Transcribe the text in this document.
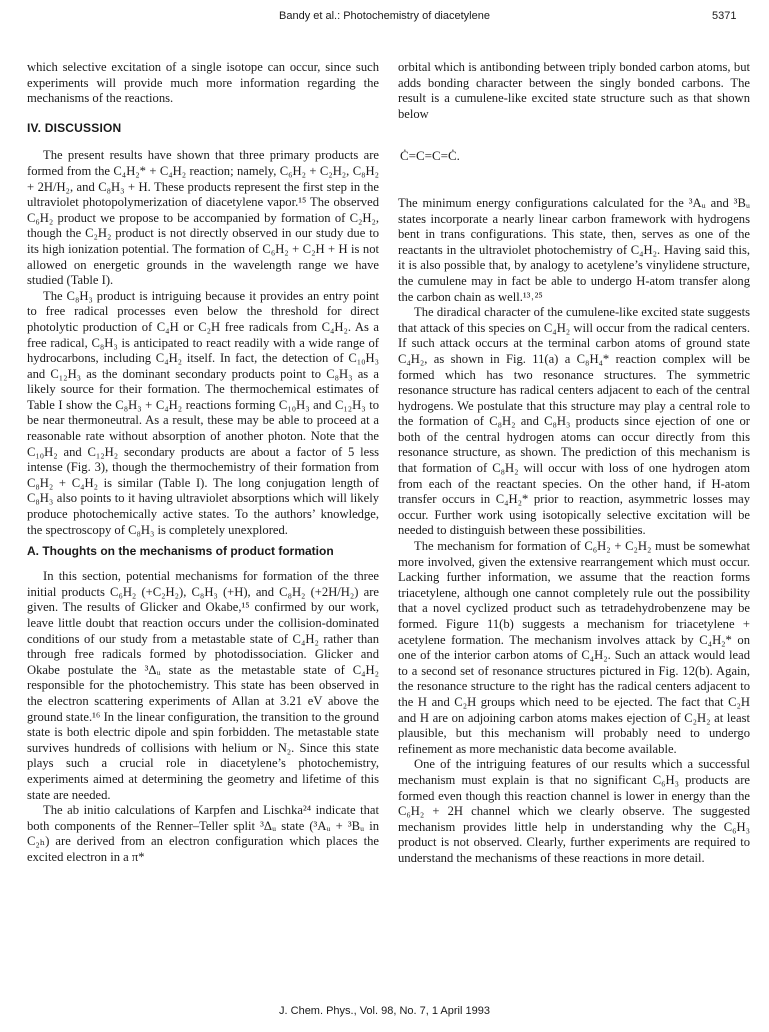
Bandy et al.: Photochemistry of diacetylene	5371

which selective excitation of a single isotope can occur, since such experiments will provide much more information regarding the mechanisms of the reactions.

IV. DISCUSSION

The present results have shown that three primary products are formed from the C₄H₂* + C₄H₂ reaction; namely, C₆H₂ + C₂H₂, C₈H₂ + 2H/H₂, and C₈H₃ + H. These products represent the first step in the ultraviolet photopolymerization of diacetylene vapor.¹⁵ The observed C₆H₂ product we propose to be accompanied by formation of C₂H₂, though the C₂H₂ product is not directly observed in our study due to its high ionization potential. The formation of C₆H₂ + C₂H + H is not allowed on energetic grounds in the wavelength range we have studied (Table I).

The C₈H₃ product is intriguing because it provides an entry point to free radical processes even below the threshold for direct photolytic production of C₄H or C₂H free radicals from C₄H₂. As a free radical, C₈H₃ is anticipated to react readily with a wide range of hydrocarbons, including C₄H₂ itself. In fact, the detection of C₁₀H₃ and C₁₂H₃ as the dominant secondary products point to C₈H₃ as a likely source for their formation. The thermochemical estimates of Table I show the C₈H₃ + C₄H₂ reactions forming C₁₀H₃ and C₁₂H₃ to be near thermoneutral. As a result, these may be able to proceed at a reasonable rate without absorption of another photon. Note that the C₁₀H₂ and C₁₂H₂ secondary products are about a factor of 5 less intense (Fig. 3), though the thermochemistry of their formation from C₈H₂ + C₄H₂ is similar (Table I). The long conjugation length of C₈H₃ also points to it having ultraviolet absorptions which will likely produce photochemically active states. To the authors’ knowledge, the spectroscopy of C₈H₃ is completely unexplored.

A. Thoughts on the mechanisms of product formation

In this section, potential mechanisms for formation of the three initial products C₆H₂ (+C₂H₂), C₈H₃ (+H), and C₈H₂ (+2H/H₂) are given. The results of Glicker and Okabe,¹⁵ confirmed by our work, leave little doubt that reaction occurs under the collision-dominated conditions of our study from a metastable state of C₄H₂ rather than through free radicals formed by photodissociation. Glicker and Okabe postulate the ³Δᵤ state as the metastable state of C₄H₂ responsible for the photochemistry. This state has been observed in the electron scattering experiments of Allan at 3.21 eV above the ground state.¹⁶ In the linear configuration, the transition to the ground state is both electric dipole and spin forbidden. The metastable state survives hundreds of collisions with helium or N₂. Since this state plays such a crucial role in diacetylene’s photochemistry, experiments aimed at determining the geometry and lifetime of this state are needed.

The ab initio calculations of Karpfen and Lischka²⁴ indicate that both components of the Renner–Teller split ³Δᵤ state (³Aᵤ + ³Bᵤ in C₂ₕ) are derived from an electron configuration which places the excited electron in a π*

orbital which is antibonding between triply bonded carbon atoms, but adds bonding character between the singly bonded carbons. The result is a cumulene-like excited state structure such as that shown below

Ċ=C=C=Ċ.

The minimum energy configurations calculated for the ³Aᵤ and ³Bᵤ states incorporate a nearly linear carbon framework with hydrogens bent in trans configurations. This state, then, serves as one of the reactants in the ultraviolet photochemistry of C₄H₂. Having said this, it is also possible that, by analogy to acetylene’s vinylidene structure, the cumulene may in fact be able to undergo H-atom transfer along the carbon chain as well.¹³˒²⁵

The diradical character of the cumulene-like excited state suggests that attack of this species on C₄H₂ will occur from the radical centers. If such attack occurs at the terminal carbon atoms of ground state C₄H₂, as shown in Fig. 11(a) a C₈H₄* reaction complex will be formed which has two resonance structures. The symmetric resonance structure has radical centers adjacent to each of the central hydrogens. We postulate that this structure may play a central role to the formation of C₈H₂ and C₈H₃ products since ejection of one or both of the central hydrogen atoms can occur directly from this resonance structure, as shown. The prediction of this mechanism is that formation of C₈H₂ will occur with loss of one hydrogen atom from each of the reactant species. On the other hand, if H-atom transfer occurs in C₄H₂* prior to reaction, asymmetric losses may occur. Further work using isotopically selective excitation will be needed to distinguish between these possibilities.

The mechanism for formation of C₆H₂ + C₂H₂ must be somewhat more involved, given the extensive rearrangement which must occur. Lacking further information, we assume that the reaction forms triacetylene, although one cannot completely rule out the possibility that a novel cyclized product such as tetradehydrobenzene may be formed. Figure 11(b) suggests a mechanism for triacetylene + acetylene formation. The mechanism involves attack by C₄H₂* on one of the interior carbon atoms of C₄H₂. Such an attack would lead to a second set of resonance structures pictured in Fig. 12(b). Again, the resonance structure to the right has the radical centers adjacent to the H and C₂H groups which need to be ejected. The fact that C₂H and H are on adjoining carbon atoms makes ejection of C₂H₂ at least plausible, but this mechanism will probably need to undergo refinement as more mechanistic data become available.

One of the intriguing features of our results which a successful mechanism must explain is that no significant C₆H₃ products are formed even though this reaction channel is lower in energy than the C₆H₂ + 2H channel which we clearly observe. The suggested mechanism provides little help in understanding why the C₆H₃ product is not observed. Clearly, further experiments are required to understand the mechanisms of these reactions in more detail.

J. Chem. Phys., Vol. 98, No. 7, 1 April 1993
